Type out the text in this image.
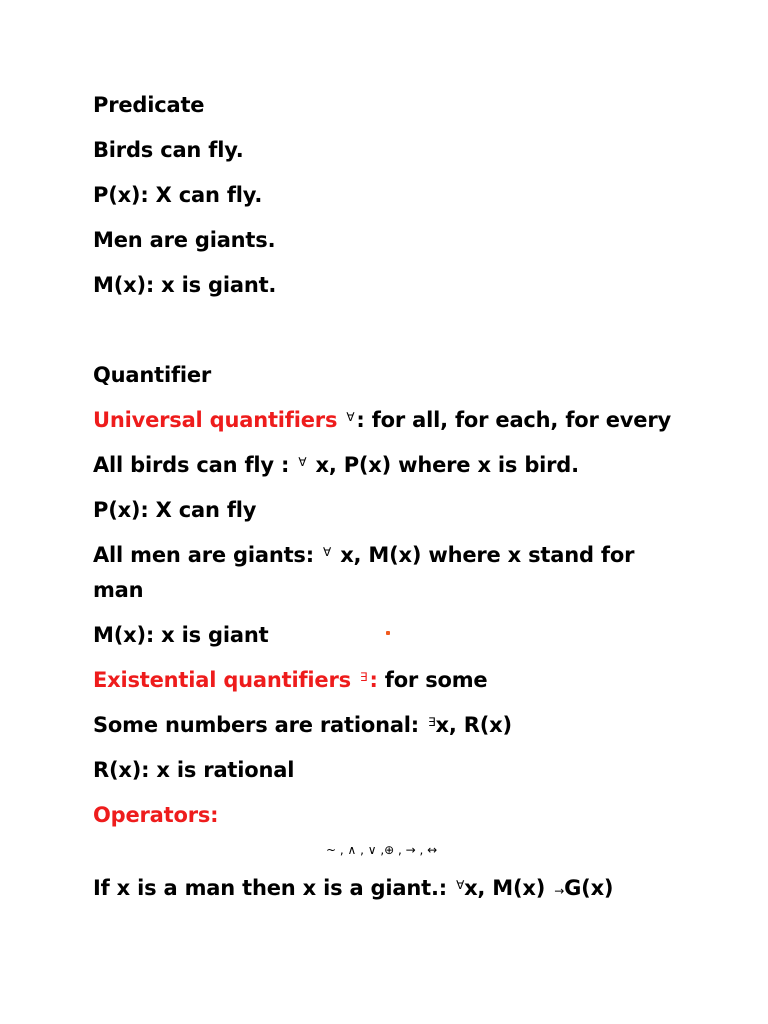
Predicate
Birds can fly.
P(x): X can fly.
Men are giants.
M(x): x is giant.
Quantifier
Universal quantifiers ∀: for all, for each, for every
All birds can fly : ∀ x, P(x) where x is bird.
P(x): X can fly
All men are giants: ∀ x, M(x) where x stand for
man
M(x): x is giant
Existential quantifiers ∃: for some
Some numbers are rational: ∃x, R(x)
R(x): x is rational
Operators:
~ , ∧ , ∨ ,⊕ , → , ↔
If x is a man then x is a giant.: ∀x, M(x) →G(x)
